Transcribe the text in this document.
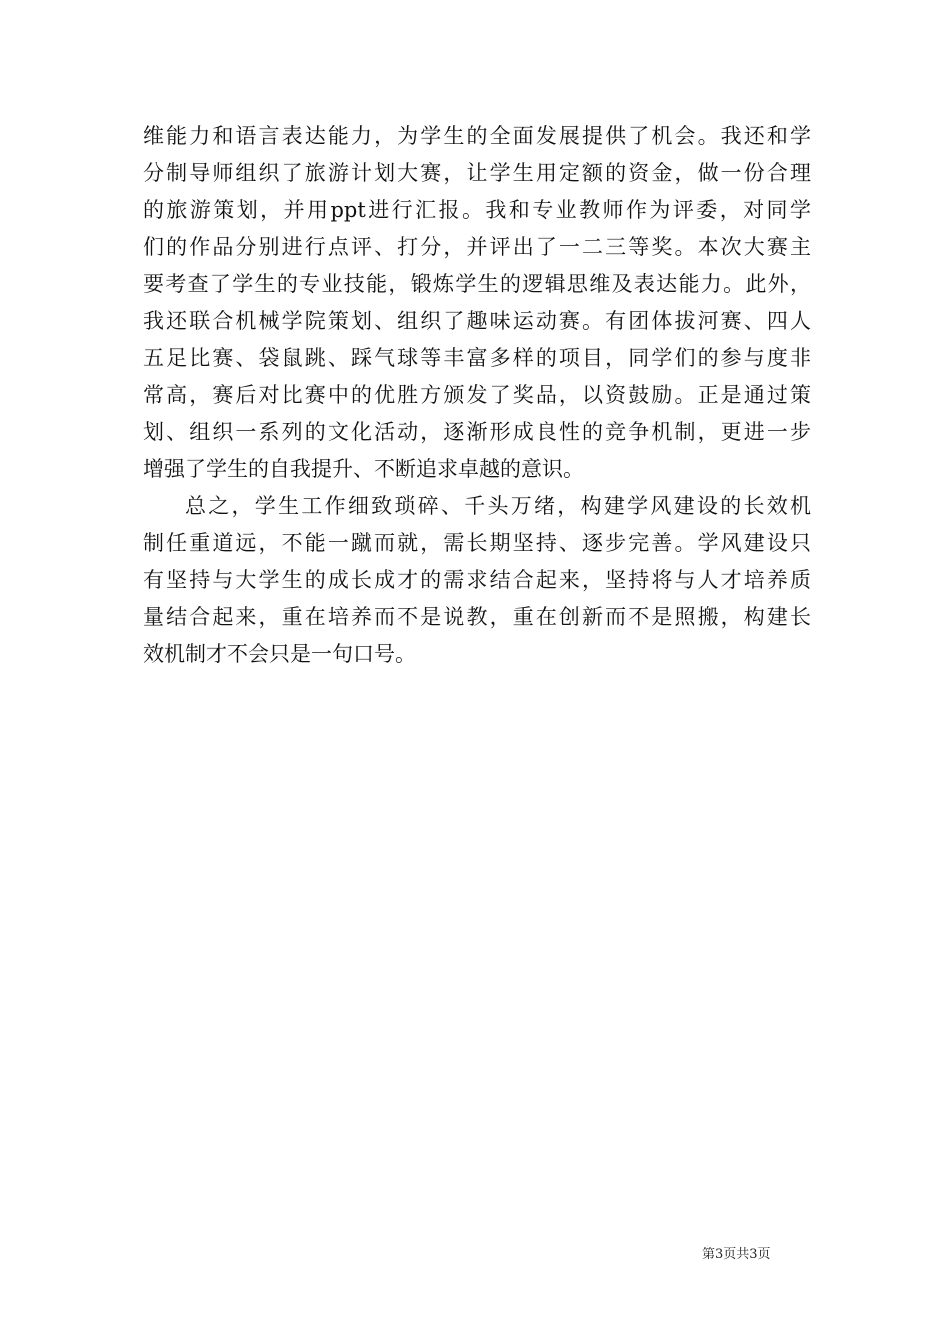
维能力和语言表达能力，为学生的全面发展提供了机会。我还和学
分制导师组织了旅游计划大赛，让学生用定额的资金，做一份合理
的旅游策划，并用ppt进行汇报。我和专业教师作为评委，对同学
们的作品分别进行点评、打分，并评出了一二三等奖。本次大赛主
要考查了学生的专业技能，锻炼学生的逻辑思维及表达能力。此外，
我还联合机械学院策划、组织了趣味运动赛。有团体拔河赛、四人
五足比赛、袋鼠跳、踩气球等丰富多样的项目，同学们的参与度非
常高，赛后对比赛中的优胜方颁发了奖品，以资鼓励。正是通过策
划、组织一系列的文化活动，逐渐形成良性的竞争机制，更进一步
增强了学生的自我提升、不断追求卓越的意识。
总之，学生工作细致琐碎、千头万绪，构建学风建设的长效机
制任重道远，不能一蹴而就，需长期坚持、逐步完善。学风建设只
有坚持与大学生的成长成才的需求结合起来，坚持将与人才培养质
量结合起来，重在培养而不是说教，重在创新而不是照搬，构建长
效机制才不会只是一句口号。
第3页共3页
